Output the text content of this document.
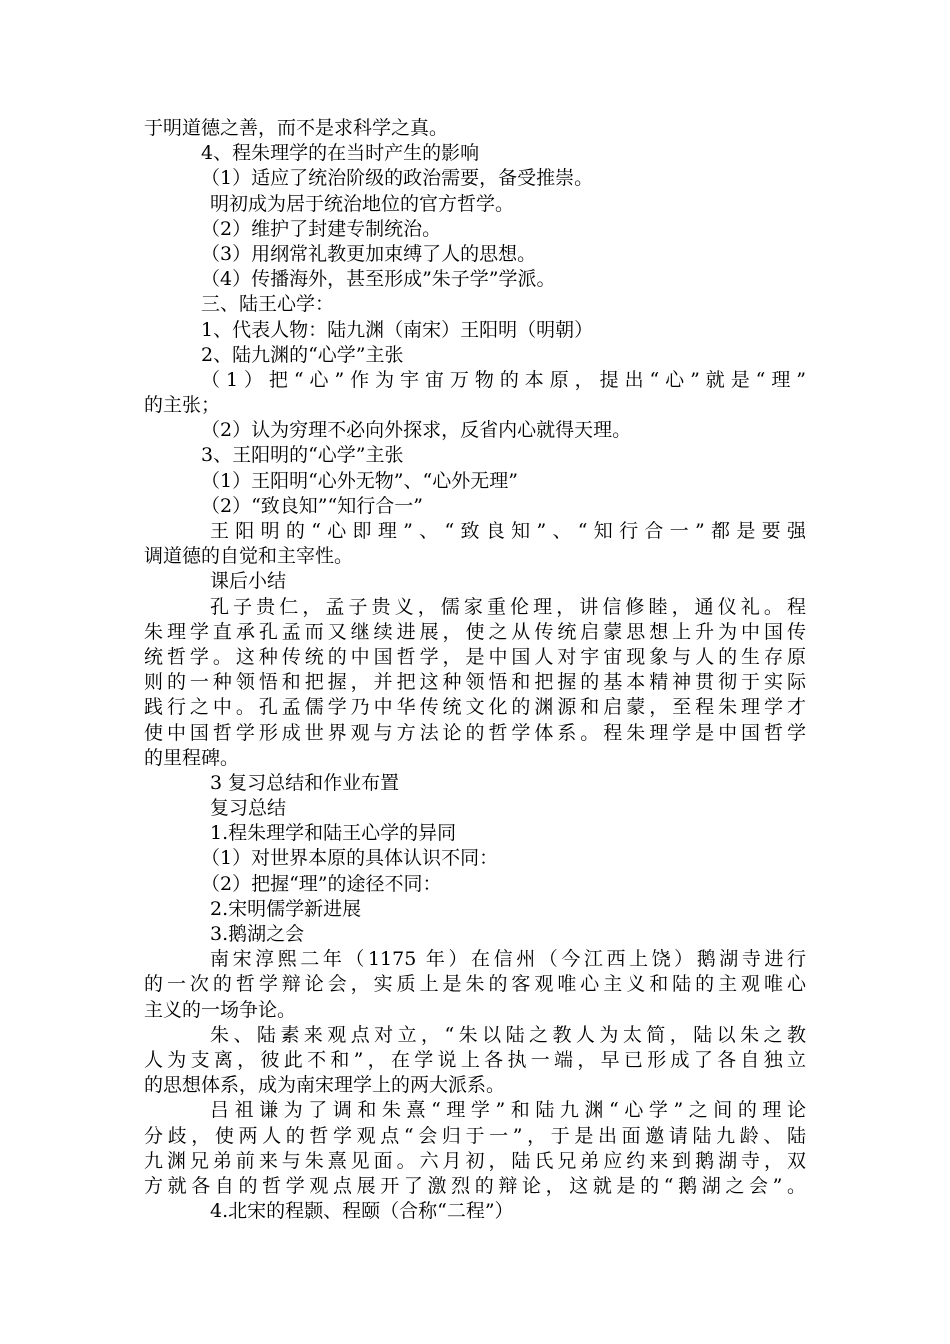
于明道德之善，而不是求科学之真。
4、程朱理学的在当时产生的影响
（1）适应了统治阶级的政治需要，备受推崇。
明初成为居于统治地位的官方哲学。
（2）维护了封建专制统治。
（3）用纲常礼教更加束缚了人的思想。
（4）传播海外，甚至形成”朱子学”学派。
三、陆王心学：
1、代表人物：陆九渊（南宋）王阳明（明朝）
2、陆九渊的“心学”主张
（1）把“心”作为宇宙万物的本原，提出“心”就是“理”
的主张；
（2）认为穷理不必向外探求，反省内心就得天理。
3、王阳明的“心学”主张
（1）王阳明“心外无物”、“心外无理”
（2）“致良知”“知行合一”
王阳明的“心即理”、“致良知”、“知行合一”都是要强
调道德的自觉和主宰性。
课后小结
孔子贵仁，孟子贵义，儒家重伦理，讲信修睦，通仪礼。程
朱理学直承孔孟而又继续进展，使之从传统启蒙思想上升为中国传
统哲学。这种传统的中国哲学，是中国人对宇宙现象与人的生存原
则的一种领悟和把握，并把这种领悟和把握的基本精神贯彻于实际
践行之中。孔孟儒学乃中华传统文化的渊源和启蒙，至程朱理学才
使中国哲学形成世界观与方法论的哲学体系。程朱理学是中国哲学
的里程碑。
3 复习总结和作业布置
复习总结
1.程朱理学和陆王心学的异同
（1）对世界本原的具体认识不同：
（2）把握“理”的途径不同：
2.宋明儒学新进展
3.鹅湖之会
南宋淳熙二年（1175 年）在信州（今江西上饶）鹅湖寺进行
的一次的哲学辩论会，实质上是朱的客观唯心主义和陆的主观唯心
主义的一场争论。
朱、陆素来观点对立，“朱以陆之教人为太简，陆以朱之教
人为支离，彼此不和”，在学说上各执一端，早已形成了各自独立
的思想体系，成为南宋理学上的两大派系。
吕祖谦为了调和朱熹“理学”和陆九渊“心学”之间的理论
分歧，使两人的哲学观点“会归于一”，于是出面邀请陆九龄、陆
九渊兄弟前来与朱熹见面。六月初，陆氏兄弟应约来到鹅湖寺，双
方就各自的哲学观点展开了激烈的辩论，这就是的“鹅湖之会”。
4.北宋的程颢、程颐（合称“二程”）
